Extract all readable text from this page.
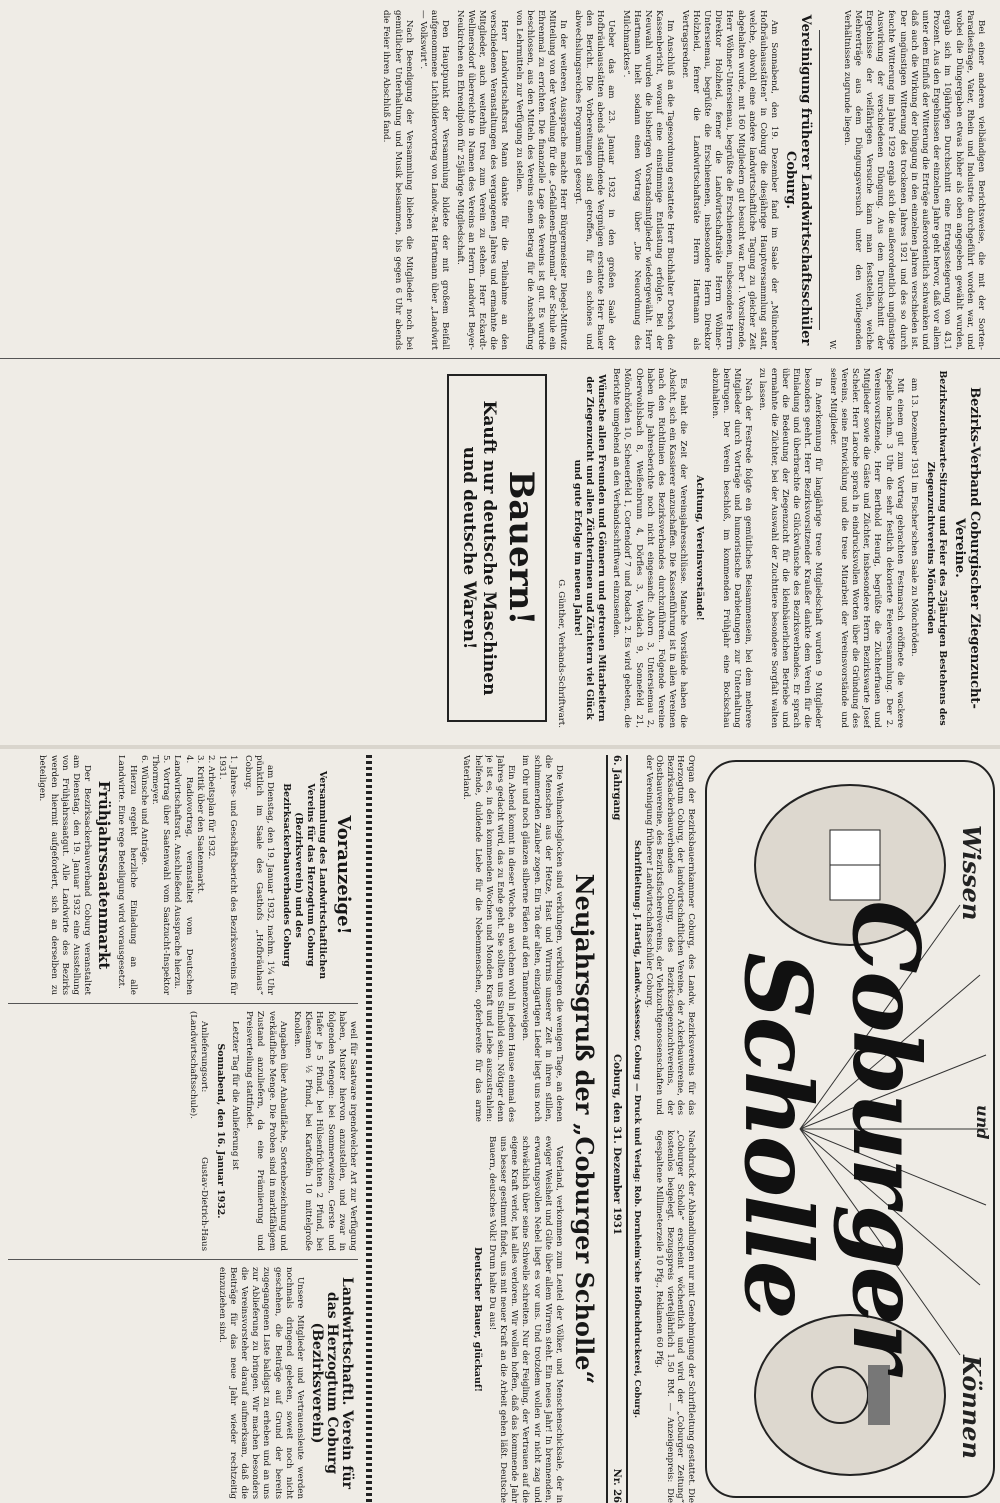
Bei einer anderen vielbändigen Berichtsweise, die mit der Sorten-Paradiesfrage, Vater, Rhein und Industrie durchgeführt worden war, und wobei die Düngergaben etwas höher als oben angegeben gewählt wurden, ergab sich im 10jährigen Durchschnitt eine Ertragssteigerung von 43,1 Prozent. Aus den Ergebnissen der einzelnen Jahre geht hervor, daß vor allem unter dem Einfluß der Witterung die Erträge außerordentlich schwanken und daß auch die Wirkung der Düngung in den einzelnen Jahren verschieden ist. Der ungünstigen Witterung des trockenen Jahres 1921 und des so durch feuchte Witterung im Jahre 1929 ergab sich die außerordentlich ungünstige Auswirkung der verschiedenen Düngung. Aus dem Durchschnitt der Ergebnisse der vielfährigen Versuche kann man feststellen, welche Mehrerträge aus dem Düngungsversuch unter den vorliegenden Verhältnissen zugrunde liegen.

W.
Vereinigung früherer Landwirtschaftsschüler Coburg.

Am Sonnabend, den 19. Dezember fand im Saale der „Münchner Hofbräuhausstätten“ in Coburg die diesjährige Hauptversammlung statt, welche, obwohl eine andere landwirtschaftliche Tagung zu gleicher Zeit abgehalten wurde, mit 160 Mitgliedern gut besucht war. Der 1. Vorsitzende, Herr Wöhner-Untersiemau, begrüßte die Erschienenen, insbesondere Herrn Direktor Holzheid, ferner die Landwirtschaftsräte Herrn Wöhner-Untersiemau, begrüßte die Erschienenen, insbesondere Herrn Direktor Holzheid, ferner die Landwirtschaftsräte Herrn Hartmann als Vertragsredner.

Im Anschluß an die Tagesordnung erstattete Herr Buchhalter Dorsch den Kassenbericht, worauf eine einstimmige Entlastung erfolgte. Bei der Neuwahl wurden die bisherigen Vorstandsmitglieder wiedergewählt. Herr Hartmann hielt sodann einen Vortrag über „Die Neuordnung des Milchmarktes“.

Ueber das am 23. Januar 1932 in den großen Saale der Hofbräuhausstätten abends stattfindende Vergnügen erstattete Herr Bauer den Bericht. Die Vorbereitungen sind getroffen, für ein schönes und abwechslungsreiches Programm ist gesorgt.

In der weiteren Aussprache machte Herr Bürgermeister Diegel-Mittwitz Mitteilung von der Verteilung für die „Gefallenen-Ehrenmal“ der Schule ein Ehrenmal zu errichten. Die finanzielle Lage des Vereins ist gut. Es wurde beschlossen, aus den Mitteln des Vereins einen Betrag für die Anschaffung von Lehrmitteln zur Verfügung zu stellen.

Herr Landwirtschaftsrat Mann dankte für die Teilnahme an den verschiedenen Veranstaltungen des vergangenen Jahres und ermahnte die Mitglieder, auch weiterhin treu zum Verein zu stehen. Herr Eckardt-Wellmersdorf überreichte in Namen des Vereins an Herrn Landwirt Beyer-Neukirchen ein Ehrendiplom für 25jährige Mitgliedschaft.

Den Hauptpunkt der Versammlung bildete der mit großem Beifall aufgenommene Lichtbildervortrag von Landw.-Rat Hartmann über „Landwirt — Volkswirt“.

Nach Beendigung der Versammlung blieben die Mitglieder noch bei gemütlicher Unterhaltung und Musik beisammen, bis gegen 6 Uhr abends die Feier ihren Abschluß fand.

Bezirks-Verband Coburgischer Ziegenzucht-Vereine.
Bezirkszuchtwarte-Sitzung und Feier des 25jährigen Bestehens des Ziegenzuchtvereins Mönchröden

am 13. Dezember 1931 im Fischer'schen Saale zu Mönchröden.

Mit einem gut zum Vortrag gebrachten Festmarsch eröffnete die wackere Kapelle nachm. 3 Uhr die sehr festlich dekorierte Feierversammlung. Der 2. Vereinsvorsitzende, Herr Berthold Heurig, begrüßte die Züchterfrauen und Mitglieder sowie die Gäste und Züchter, insbesondere Herrn Bezirkswarte Josef Scheler. Herr Laroche sprach in eindrucksvollen Worten über die Gründung des Vereins, seine Entwicklung und die treue Mitarbeit der Vereinsvorstände und seiner Mitglieder.

In Anerkennung für langjährige treue Mitgliedschaft wurden 9 Mitglieder besonders geehrt. Herr Bezirksvorsitzender Kraußer dankte dem Verein für die Einladung und überbrachte die Glückwünsche des Bezirksverbandes. Er sprach über die Bedeutung der Ziegenzucht für die kleinbäuerlichen Betriebe und ermahnte die Züchter, bei der Auswahl der Zuchttiere besondere Sorgfalt walten zu lassen.

Nach der Festrede folgte ein gemütliches Beisammensein, bei dem mehrere Mitglieder durch Vorträge und humoristische Darbietungen zur Unterhaltung beitrugen. Der Verein beschloß, im kommenden Frühjahr eine Bockschau abzuhalten.

Achtung, Vereinsvorstände!

Es naht die Zeit der Vereinsjahresschlüsse. Manche Vorstände haben die Absicht, sich ein Kassierer anzuschaffen. Die Kassenführung ist in allen Vereinen nach den Richtlinien des Bezirksverbandes durchzuführen. Folgende Vereine haben ihre Jahresberichte noch nicht eingesandt: Ahorn 3, Untersiemau 2, Oberwohlsbach 8, Weißenbrunn 4, Dörfles 3, Weidach 9, Sonnefeld 21, Mönchröden 10, Scheuerfeld 1, Cortendorf 7 und Rodach 2. Es wird gebeten, die Berichte umgehend an den Verbandsschriftwart einzusenden.

Wünsche allen Freunden und Gönnern und getreuen Mitarbeitern der Ziegenzucht und allen Züchterinnen und Züchtern viel Glück und gute Erfolge im neuen Jahre!
G. Günther, Verbands-Schriftwart.
Bauern!
Kauft nur deutsche Maschinen und deutsche Waren!
Wissen
und
Können
Coburger Scholle
Organ der Bezirksbauernkammer Coburg, des Landw. Bezirksvereins für das Herzogtum Coburg, der landwirtschaftlichen Vereine, der Ackerbauvereine, des Bezirksackerbauverbandes Coburg, des Bezirksziegenzuchtvereins, der Obstbauvereine, des Bezirksfischereivereins, der Viehzuchtgenossenschaften und der Vereinigung früherer Landwirtschaftsschüler Coburg.
Nachdruck der Abhandlungen nur mit Genehmigung der Schriftleitung gestattet. Die „Coburger Scholle“ erscheint wöchentlich und wird der „Coburger Zeitung“ kostenlos beigelegt. Bezugspreis vierteljährlich 1.50 RM. — Anzeigenpreis: Die 6gespaltene Millimeterzeile 10 Pfg., Reklamen 60 Pfg.
Schriftleitung: J. Hartig, Landw.-Assessor, Coburg — Druck und Verlag: Rob. Dornheim'sche Hofbuchdruckerei, Coburg.
6. Jahrgang
Coburg, den 31. Dezember 1931
Nr. 26
Neujahrsgruß der „Coburger Scholle“

Die Weihnachtsglocken sind verklungen, verklungen die wenigen Tage, an denen die Menschen aus der Hetze, Hast und Wirrnis unserer Zeit in ihren stillen, schimmernden Zauber zogen. Ein Ton der alten, einzigartigen Lieder liegt uns noch im Ohr und noch glänzen silberne Fäden auf den Tannenzweigen.

Ein Abend kommt in dieser Woche, an welchem wohl in jedem Hause einmal des Jahres gedacht wird, das zu Ende geht. Sie sollten uns Sinnbild sein. Nötiger denn je ist es, in den kommenden Wochen und Monden Kraft und Liebe auszustrahlen: helfende, duldende Liebe für die Nebenmenschen, opferbereite für das arme Vaterland.

Vaterland, verkommen zum Leutel der Völker, und Menschenschicksale, der in ewiger Weisheit und Güte über allem Wirren steht. Ein neues Jahr! In brennenden, erwartungsvollen Nebel liegt es vor uns. Und trotzdem wollen wir nicht zag und schwächlich über seine Schwelle schreiten. Nur der Feigling, der Vertrauen auf die eigene Kraft verlor, hat alles verloren. Wir wollen hoffen, daß das kommende Jahr uns besser gestimmt findet, uns mit neuer Kraft an die Arbeit gehen läßt. Deutsche Bauern, deutsches Volk! Drum halte Du aus!

Deutscher Bauer, glückauf!
Vorauzeige!
Versammlung des Landwirtschaftlichen Vereins für das Herzogtum Coburg (Bezirksverein) und des Bezirksackerbauverbandes Coburg

am Dienstag, den 19. Januar 1932, nachm. 1¼ Uhr pünktlich im Saale des Gasthofs „Hofbräuhaus“ Coburg.

1. Jahres- und Geschäftsbericht des Bezirksvereins für 1931.
2. Arbeitsplan für 1932.
3. Kritik über den Saatenmarkt.
4. Radiovortrag, veranstaltet vom Deutschen Landwirtschaftsrat. Anschließend Aussprache hierzu.
5. Vortrag über Saatenwahl vom Saatzucht-Inspektor Thormeyer.
6. Wünsche und Anträge.

Hierzu ergeht herzliche Einladung an alle Landwirte. Eine rege Beteiligung wird vorausgesetzt.

Frühjahrssaatenmarkt

Der Bezirksackerbauverband Coburg veranstaltet am Dienstag, den 19. Januar 1932 eine Ausstellung von Frühjahrssaatgut. Alle Landwirte des Bezirks werden hiermit aufgefordert, sich an derselben zu beteiligen.

weil für Saatware irgendwelcher Art zur Verfügung haben, Muster hiervon anzustellen, und zwar in folgenden Mengen: bei Sommerweizen, Gerste und Hafer je 5 Pfund, bei Hülsenfrüchten 2 Pfund, bei Kleesamen ½ Pfund, bei Kartoffeln 10 mittelgroße Knollen.

Angaben über Anbaufläche, Sortenbezeichnung und verkäufliche Menge. Die Proben sind in marktfähigem Zustand anzuliefern, da eine Prämiierung und Preisverteilung stattfindet.

Letzter Tag für die Anlieferung ist

Sonnabend, den 16. Januar 1932.

Anlieferungsort: Gustav-Dietrich-Haus (Landwirtschaftsschule).

Landwirtschaftl. Verein für das Herzogtum Coburg (Bezirksverein)

Unsere Mitglieder und Vertrauensleute werden nochmals dringend gebeten, soweit noch nicht geschehen, die Beiträge auf Grund der bereits zugegangenen Liste baldigst zu erheben und an uns zur Ablieferung zu bringen. Wir machen besonders die Vereinsvorsteher darauf aufmerksam, daß die Beiträge für das neue Jahr wieder rechtzeitig einzuziehen sind.
